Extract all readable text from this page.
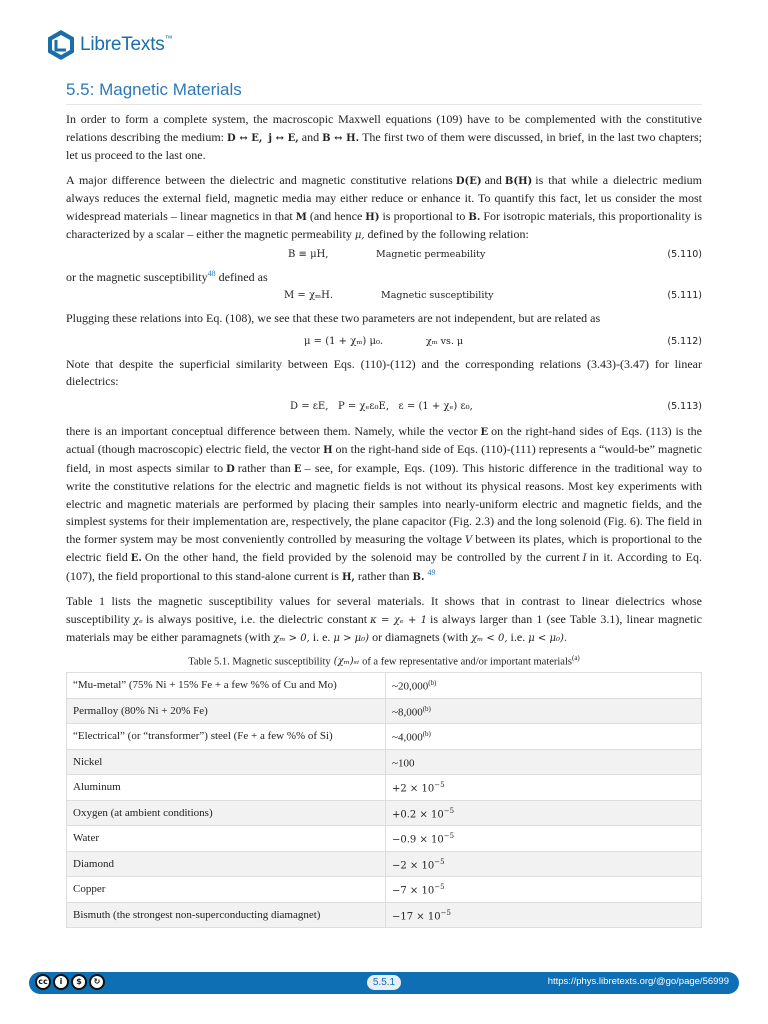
LibreTexts™
5.5: Magnetic Materials

In order to form a complete system, the macroscopic Maxwell equations (109) have to be complemented with the constitutive relations describing the medium: D ↔ E, j ↔ E, and B ↔ H. The first two of them were discussed, in brief, in the last two chapters; let us proceed to the last one.

A major difference between the dielectric and magnetic constitutive relations D(E) and B(H) is that while a dielectric medium always reduces the external field, magnetic media may either reduce or enhance it. To quantify this fact, let us consider the most widespread materials – linear magnetics in that M (and hence H) is proportional to B. For isotropic materials, this proportionality is characterized by a scalar – either the magnetic permeability μ, defined by the following relation:

B ≡ μH,	Magnetic permeability	(5.110)

or the magnetic susceptibility$^{48}$ defined as

M = χₘH.	Magnetic susceptibility	(5.111)

Plugging these relations into Eq. (108), we see that these two parameters are not independent, but are related as

μ = (1 + χₘ) μ₀.	χₘ vs. μ	(5.112)

Note that despite the superficial similarity between Eqs. (110)-(112) and the corresponding relations (3.43)-(3.47) for linear dielectrics:

D = εE,   P = χₑε₀E,   ε = (1 + χₑ) ε₀,	(5.113)

there is an important conceptual difference between them. Namely, while the vector E on the right-hand sides of Eqs. (113) is the actual (though macroscopic) electric field, the vector H on the right-hand side of Eqs. (110)-(111) represents a “would-be” magnetic field, in most aspects similar to D rather than E – see, for example, Eqs. (109). This historic difference in the traditional way to write the constitutive relations for the electric and magnetic fields is not without its physical reasons. Most key experiments with electric and magnetic materials are performed by placing their samples into nearly-uniform electric and magnetic fields, and the simplest systems for their implementation are, respectively, the plane capacitor (Fig. 2.3) and the long solenoid (Fig. 6). The field in the former system may be most conveniently controlled by measuring the voltage V between its plates, which is proportional to the electric field E. On the other hand, the field provided by the solenoid may be controlled by the current I in it. According to Eq. (107), the field proportional to this stand-alone current is H, rather than B. $^{49}$

Table 1 lists the magnetic susceptibility values for several materials. It shows that in contrast to linear dielectrics whose susceptibility χₑ is always positive, i.e. the dielectric constant κ = χₑ + 1 is always larger than 1 (see Table 3.1), linear magnetic materials may be either paramagnets (with χₘ > 0, i. e. μ > μ₀) or diamagnets (with χₘ < 0, i.e. μ < μ₀).

Table 5.1. Magnetic susceptibility (χₘ)ₛᵢ of a few representative and/or important materials$^{(a)}$
“Mu-metal” (75% Ni + 15% Fe + a few %% of Cu and Mo)	~20,000$^{(b)}$
Permalloy (80% Ni + 20% Fe)	~8,000$^{(b)}$
“Electrical” (or “transformer”) steel (Fe + a few %% of Si)	~4,000$^{(b)}$
Nickel	~100
Aluminum	$+2 \times 10^{-5}$
Oxygen (at ambient conditions)	$+0.2 \times 10^{-5}$
Water	$-0.9 \times 10^{-5}$
Diamond	$-2 \times 10^{-5}$
Copper	$-7 \times 10^{-5}$
Bismuth (the strongest non-superconducting diamagnet)	$-17 \times 10^{-5}$
cc	i	$	↻	5.5.1	https://phys.libretexts.org/@go/page/56999
